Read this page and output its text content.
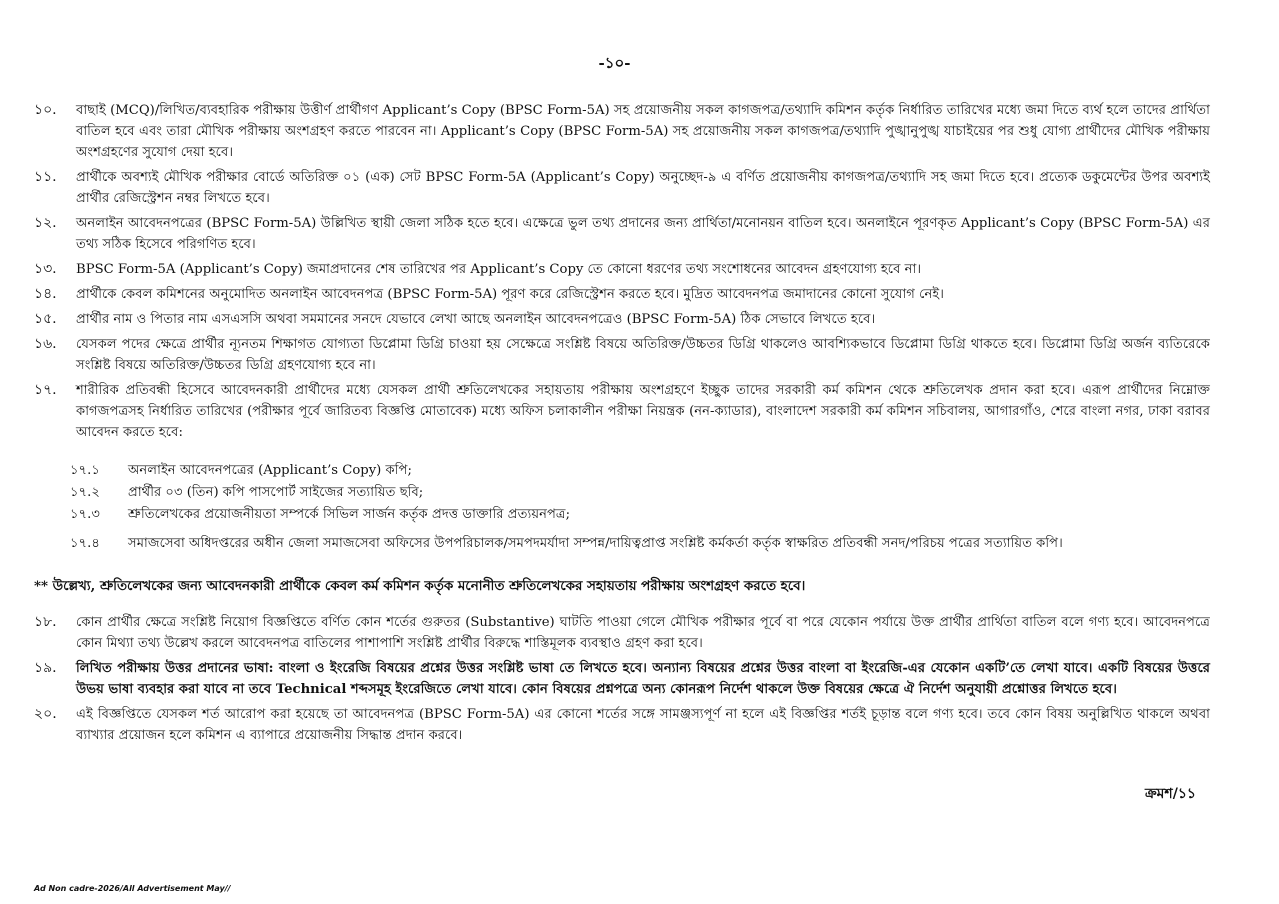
-১০-
১০.	বাছাই (MCQ)/লিখিত/ব্যবহারিক পরীক্ষায় উত্তীর্ণ প্রার্থীগণ Applicant’s Copy (BPSC Form-5A) সহ প্রয়োজনীয় সকল কাগজপত্র/তথ্যাদি কমিশন কর্তৃক নির্ধারিত তারিখের মধ্যে জমা দিতে ব্যর্থ হলে তাদের প্রার্থিতা বাতিল হবে এবং তারা মৌখিক পরীক্ষায় অংশগ্রহণ করতে পারবেন না। Applicant’s Copy (BPSC Form-5A) সহ প্রয়োজনীয় সকল কাগজপত্র/তথ্যাদি পুঙ্খানুপুঙ্খ যাচাইয়ের পর শুধু যোগ্য প্রার্থীদের মৌখিক পরীক্ষায় অংশগ্রহণের সুযোগ দেয়া হবে।
১১.	প্রার্থীকে অবশ্যই মৌখিক পরীক্ষার বোর্ডে অতিরিক্ত ০১ (এক) সেট BPSC Form-5A (Applicant’s Copy) অনুচ্ছেদ-৯ এ বর্ণিত প্রয়োজনীয় কাগজপত্র/তথ্যাদি সহ জমা দিতে হবে। প্রত্যেক ডকুমেন্টের উপর অবশ্যই প্রার্থীর রেজিস্ট্রেশন নম্বর লিখতে হবে।
১২.	অনলাইন আবেদনপত্রের (BPSC Form-5A) উল্লিখিত স্থায়ী জেলা সঠিক হতে হবে। এক্ষেত্রে ভুল তথ্য প্রদানের জন্য প্রার্থিতা/মনোনয়ন বাতিল হবে। অনলাইনে পূরণকৃত Applicant’s Copy (BPSC Form-5A) এর তথ্য সঠিক হিসেবে পরিগণিত হবে।
১৩.	BPSC Form-5A (Applicant’s Copy) জমাপ্রদানের শেষ তারিখের পর Applicant’s Copy তে কোনো ধরণের তথ্য সংশোধনের আবেদন গ্রহণযোগ্য হবে না।
১৪.	প্রার্থীকে কেবল কমিশনের অনুমোদিত অনলাইন আবেদনপত্র (BPSC Form-5A) পূরণ করে রেজিস্ট্রেশন করতে হবে। মুদ্রিত আবেদনপত্র জমাদানের কোনো সুযোগ নেই।
১৫.	প্রার্থীর নাম ও পিতার নাম এসএসসি অথবা সমমানের সনদে যেভাবে লেখা আছে অনলাইন আবেদনপত্রেও (BPSC Form-5A) ঠিক সেভাবে লিখতে হবে।
১৬.	যেসকল পদের ক্ষেত্রে প্রার্থীর ন্যূনতম শিক্ষাগত যোগ্যতা ডিপ্লোমা ডিগ্রি চাওয়া হয় সেক্ষেত্রে সংশ্লিষ্ট বিষয়ে অতিরিক্ত/উচ্চতর ডিগ্রি থাকলেও আবশ্যিকভাবে ডিপ্লোমা ডিগ্রি থাকতে হবে। ডিপ্লোমা ডিগ্রি অর্জন ব্যতিরেকে সংশ্লিষ্ট বিষয়ে অতিরিক্ত/উচ্চতর ডিগ্রি গ্রহণযোগ্য হবে না।
১৭.	শারীরিক প্রতিবন্ধী হিসেবে আবেদনকারী প্রার্থীদের মধ্যে যেসকল প্রার্থী শ্রুতিলেখকের সহায়তায় পরীক্ষায় অংশগ্রহণে ইচ্ছুক তাদের সরকারী কর্ম কমিশন থেকে শ্রুতিলেখক প্রদান করা হবে। এরূপ প্রার্থীদের নিম্নোক্ত কাগজপত্রসহ নির্ধারিত তারিখের (পরীক্ষার পূর্বে জারিতব্য বিজ্ঞপ্তি মোতাবেক) মধ্যে অফিস চলাকালীন পরীক্ষা নিয়ন্ত্রক (নন-ক্যাডার), বাংলাদেশ সরকারী কর্ম কমিশন সচিবালয়, আগারগাঁও, শেরে বাংলা নগর, ঢাকা বরাবর আবেদন করতে হবে:
১৭.১	অনলাইন আবেদনপত্রের (Applicant’s Copy) কপি;
১৭.২	প্রার্থীর ০৩ (তিন) কপি পাসপোর্ট সাইজের সত্যায়িত ছবি;
১৭.৩	শ্রুতিলেখকের প্রয়োজনীয়তা সম্পর্কে সিভিল সার্জন কর্তৃক প্রদত্ত ডাক্তারি প্রত্যয়নপত্র;
১৭.৪	সমাজসেবা অধিদপ্তরের অধীন জেলা সমাজসেবা অফিসের উপপরিচালক/সমপদমর্যাদা সম্পন্ন/দায়িত্বপ্রাপ্ত সংশ্লিষ্ট কর্মকর্তা কর্তৃক স্বাক্ষরিত প্রতিবন্ধী সনদ/পরিচয় পত্রের সত্যায়িত কপি।
** উল্লেখ্য, শ্রুতিলেখকের জন্য আবেদনকারী প্রার্থীকে কেবল কর্ম কমিশন কর্তৃক মনোনীত শ্রুতিলেখকের সহায়তায় পরীক্ষায় অংশগ্রহণ করতে হবে।
১৮.	কোন প্রার্থীর ক্ষেত্রে সংশ্লিষ্ট নিয়োগ বিজ্ঞপ্তিতে বর্ণিত কোন শর্তের গুরুতর (Substantive) ঘাটতি পাওয়া গেলে মৌখিক পরীক্ষার পূর্বে বা পরে যেকোন পর্যায়ে উক্ত প্রার্থীর প্রার্থিতা বাতিল বলে গণ্য হবে। আবেদনপত্রে কোন মিথ্যা তথ্য উল্লেখ করলে আবেদনপত্র বাতিলের পাশাপাশি সংশ্লিষ্ট প্রার্থীর বিরুদ্ধে শাস্তিমূলক ব্যবস্থাও গ্রহণ করা হবে।
১৯.	লিখিত পরীক্ষায় উত্তর প্রদানের ভাষা: বাংলা ও ইংরেজি বিষয়ের প্রশ্নের উত্তর সংশ্লিষ্ট ভাষা তে লিখতে হবে। অন্যান্য বিষয়ের প্রশ্নের উত্তর বাংলা বা ইংরেজি-এর যেকোন একটি’তে লেখা যাবে। একটি বিষয়ের উত্তরে উভয় ভাষা ব্যবহার করা যাবে না তবে Technical শব্দসমূহ ইংরেজিতে লেখা যাবে। কোন বিষয়ের প্রশ্নপত্রে অন্য কোনরূপ নির্দেশ থাকলে উক্ত বিষয়ের ক্ষেত্রে ঐ নির্দেশ অনুযায়ী প্রশ্নোত্তর লিখতে হবে।
২০.	এই বিজ্ঞপ্তিতে যেসকল শর্ত আরোপ করা হয়েছে তা আবেদনপত্র (BPSC Form-5A) এর কোনো শর্তের সঙ্গে সামঞ্জস্যপূর্ণ না হলে এই বিজ্ঞপ্তির শর্তই চূড়ান্ত বলে গণ্য হবে। তবে কোন বিষয় অনুল্লিখিত থাকলে অথবা ব্যাখ্যার প্রয়োজন হলে কমিশন এ ব্যাপারে প্রয়োজনীয় সিদ্ধান্ত প্রদান করবে।
ক্রমশ/১১
Ad Non cadre-2026/All Advertisement May//
